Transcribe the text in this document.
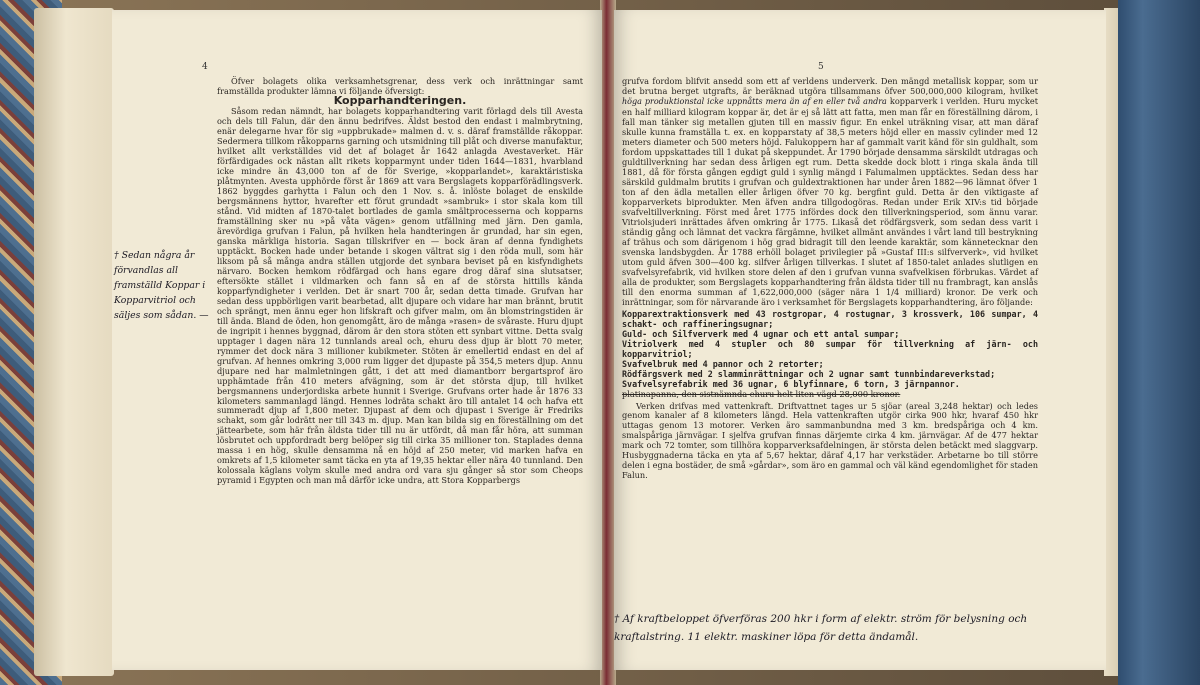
4

Öfver bolagets olika verksamhetsgrenar, dess verk och inrättningar samt framställda produkter lämna vi följande öfversigt:

Kopparhandteringen.

Såsom redan nämndt, har bolagets kopparhandtering varit förlagd dels till Avesta och dels till Falun, där den ännu bedrifves. Äldst bestod den endast i malmbrytning, enär delegarne hvar för sig »uppbrukade» malmen d. v. s. däraf framställde råkoppar. Sedermera tillkom råkopparns garning och utsmidning till plåt och diverse manufaktur, hvilket allt verkställdes vid det af bolaget år 1642 anlagda Avestaverket. Här förfärdigades ock nästan allt rikets kopparmynt under tiden 1644—1831, hvarbland icke mindre än 43,000 ton af de för Sverige, »kopparlandet», karaktäristiska plåtmynten. Avesta upphörde först år 1869 att vara Bergslagets kopparförädlingsverk. 1862 byggdes garhytta i Falun och den 1 Nov. s. å. inlöste bolaget de enskilde bergsmännens hyttor, hvarefter ett förut grundadt »sambruk» i stor skala kom till stånd. Vid midten af 1870-talet bortlades de gamla smältprocesserna och kopparns framställning sker nu »på våta vägen» genom utfällning med järn. Den gamla, ärevördiga grufvan i Falun, på hvilken hela handteringen är grundad, har sin egen, ganska märkliga historia. Sagan tillskrifver en — bock äran af denna fyndighets upptäckt. Bocken hade under betande i skogen vältrat sig i den röda mull, som här liksom på så många andra ställen utgjorde det synbara beviset på en kisfyndighets närvaro. Bocken hemkom rödfärgad och hans egare drog däraf sina slutsatser, eftersökte stället i vildmarken och fann så en af de största hittills kända kopparfyndigheter i verlden. Det är snart 700 år, sedan detta timade. Grufvan har sedan dess uppbörligen varit bearbetad, allt djupare och vidare har man brännt, brutit och sprängt, men ännu eger hon lifskraft och gifver malm, om än blomstringstiden är till ända. Bland de öden, hon genomgått, äro de många »rasen» de svåraste. Huru djupt de ingripit i hennes byggnad, därom är den stora stöten ett synbart vittne. Detta svalg upptager i dagen nära 12 tunnlands areal och, ehuru dess djup är blott 70 meter, rymmer det dock nära 3 millioner kubikmeter. Stöten är emellertid endast en del af grufvan. Af hennes omkring 3,000 rum ligger det djupaste på 354,5 meters djup. Annu djupare ned har malmletningen gått, i det att med diamantborr bergartsprof äro upphämtade från 410 meters afvägning, som är det största djup, till hvilket bergsmannens underjordiska arbete hunnit i Sverige. Grufvans orter hade år 1876 33 kilometers sammanlagd längd. Hennes lodräta schakt äro till antalet 14 och hafva ett summeradt djup af 1,800 meter. Djupast af dem och djupast i Sverige är Fredriks schakt, som går lodrätt ner till 343 m. djup. Man kan bilda sig en föreställning om det jättearbete, som här från äldsta tider till nu är utfördt, då man får höra, att summan lösbrutet och uppfordradt berg belöper sig till cirka 35 millioner ton. Staplades denna massa i en hög, skulle densamma nå en höjd af 250 meter, vid marken hafva en omkrets af 1,5 kilometer samt täcka en yta af 19,35 hektar eller nära 40 tunnland. Den kolossala käglans volym skulle med andra ord vara sju gånger så stor som Cheops pyramid i Egypten och man må därför icke undra, att Stora Kopparbergs

† Sedan några år förvandlas all framställd Koppar i Kopparvitriol och säljes som sådan. —
5

grufva fordom blifvit ansedd som ett af verldens underverk. Den mängd metallisk koppar, som ur det brutna berget utgrafts, är beräknad utgöra tillsammans öfver 500,000,000 kilogram, hvilket höga produktionstal icke uppnåtts mera än af en eller två andra kopparverk i verlden. Huru mycket en half milliard kilogram koppar är, det är ej så lätt att fatta, men man får en föreställning därom, i fall man tänker sig metallen gjuten till en massiv figur. En enkel uträkning visar, att man däraf skulle kunna framställa t. ex. en kopparstaty af 38,5 meters höjd eller en massiv cylinder med 12 meters diameter och 500 meters höjd. Falukoppern har af gammalt varit känd för sin guldhalt, som fordom uppskattades till 1 dukat på skeppundet. År 1790 började densamma särskildt utdragas och guldtillverkning har sedan dess årligen egt rum. Detta skedde dock blott i ringa skala ända till 1881, då för första gången egdigt guld i synlig mängd i Falumalmen upptäcktes. Sedan dess har särskild guldmalm brutits i grufvan och guldextraktionen har under åren 1882—96 lämnat öfver 1 ton af den ädla metallen eller årligen öfver 70 kg. bergfint guld. Detta är den viktigaste af kopparverkets biprodukter. Men äfven andra tillgodogöras. Redan under Erik XIV:s tid började svafveltillverkning. Först med året 1775 infördes dock den tillverkningsperiod, som ännu varar. Vitriolsjuderi inrättades äfven omkring år 1775. Likaså det rödfärgsverk, som sedan dess varit i ständig gång och lämnat det vackra färgämne, hvilket allmänt användes i vårt land till bestrykning af trähus och som därigenom i hög grad bidragit till den leende karaktär, som kännetecknar den svenska landsbygden. År 1788 erhöll bolaget privilegier på »Gustaf III:s silfververk», vid hvilket utom guld äfven 300—400 kg. silfver årligen tillverkas. I slutet af 1850-talet anlades slutligen en svafvelsyrefabrik, vid hvilken store delen af den i grufvan vunna svafvelkisen förbrukas. Värdet af alla de produkter, som Bergslagets kopparhandtering från äldsta tider till nu frambragt, kan anslås till den enorma summan af 1,622,000,000 (säger nära 1 1/4 milliard) kronor. De verk och inrättningar, som för närvarande äro i verksamhet för Bergslagets kopparhandtering, äro följande:

Kopparextraktionsverk med 43 rostgropar, 4 rostugnar, 3 krossverk, 106 sumpar, 4 schakt- och raffineringsugnar;
Guld- och Silfververk med 4 ugnar och ett antal sumpar;
Vitriolverk med 4 stupler och 80 sumpar för tillverkning af järn- och kopparvitriol;
Svafvelbruk med 4 pannor och 2 retorter;
Rödfärgsverk med 2 slamminrättningar och 2 ugnar samt tunnbindareverkstad;
Svafvelsyrefabrik med 36 ugnar, 6 blyfinnare, 6 torn, 3 järnpannor.
platinapanna, den sistnämnda ehuru helt liten vägd 28,000 kronor.

Verken drifvas med vattenkraft. Driftvattnet tages ur 5 sjöar (areal 3,248 hektar) och ledes genom kanaler af 8 kilometers längd. Hela vattenkraften utgör cirka 900 hkr, hvaraf 450 hkr uttagas genom 13 motorer. Verken äro sammanbundna med 3 km. bredspåriga och 4 km. smalspåriga järnvägar. I sjelfva grufvan finnas därjemte cirka 4 km. järnvägar. Af de 477 hektar mark och 72 tomter, som tillhöra kopparverksafdelningen, är största delen betäckt med slaggvarp. Husbyggnaderna täcka en yta af 5,67 hektar, däraf 4,17 har verkstäder. Arbetarne bo till större delen i egna bostäder, de små »gårdar», som äro en gammal och väl känd egendomlighet för staden Falun.

† Af kraftbeloppet öfverföras 200 hkr i form af elektr. ström för belysning och kraftalstring. 11 elektr. maskiner löpa för detta ändamål.
